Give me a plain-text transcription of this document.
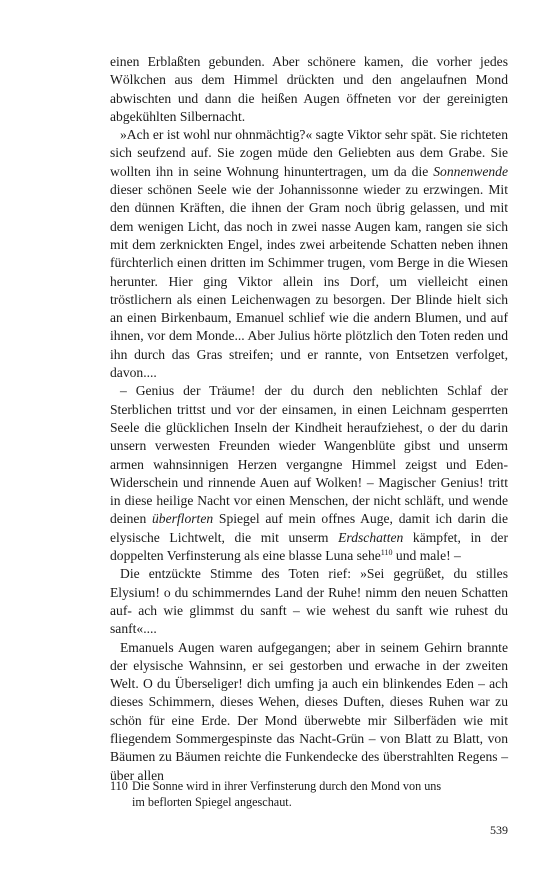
einen Erblaßten gebunden. Aber schönere kamen, die vorher jedes Wölkchen aus dem Himmel drückten und den angelaufnen Mond abwischten und dann die heißen Augen öffneten vor der gereinigten abgekühlten Silbernacht.

»Ach er ist wohl nur ohnmächtig?« sagte Viktor sehr spät. Sie richteten sich seufzend auf. Sie zogen müde den Geliebten aus dem Grabe. Sie wollten ihn in seine Wohnung hinuntertragen, um da die Sonnenwende dieser schönen Seele wie der Johannissonne wieder zu erzwingen. Mit den dünnen Kräften, die ihnen der Gram noch übrig gelassen, und mit dem wenigen Licht, das noch in zwei nasse Augen kam, rangen sie sich mit dem zerknickten Engel, indes zwei arbeitende Schatten neben ihnen fürchterlich einen dritten im Schimmer trugen, vom Berge in die Wiesen herunter. Hier ging Viktor allein ins Dorf, um vielleicht einen tröstlichern als einen Leichenwagen zu besorgen. Der Blinde hielt sich an einen Birkenbaum, Emanuel schlief wie die andern Blumen, und auf ihnen, vor dem Monde... Aber Julius hörte plötzlich den Toten reden und ihn durch das Gras streifen; und er rannte, von Entsetzen verfolget, davon....

– Genius der Träume! der du durch den neblichten Schlaf der Sterblichen trittst und vor der einsamen, in einen Leichnam gesperrten Seele die glücklichen Inseln der Kindheit heraufziehest, o der du darin unsern verwesten Freunden wieder Wangenblüte gibst und unserm armen wahnsinnigen Herzen vergangne Himmel zeigst und Eden-Widerschein und rinnende Auen auf Wolken! – Magischer Genius! tritt in diese heilige Nacht vor einen Menschen, der nicht schläft, und wende deinen überflorten Spiegel auf mein offnes Auge, damit ich darin die elysische Lichtwelt, die mit unserm Erdschatten kämpfet, in der doppelten Verfinsterung als eine blasse Luna sehe$^{110}$ und male! –

Die entzückte Stimme des Toten rief: »Sei gegrüßet, du stilles Elysium! o du schimmerndes Land der Ruhe! nimm den neuen Schatten auf- ach wie glimmst du sanft – wie wehest du sanft wie ruhest du sanft«....

Emanuels Augen waren aufgegangen; aber in seinem Gehirn brannte der elysische Wahnsinn, er sei gestorben und erwache in der zweiten Welt. O du Überseliger! dich umfing ja auch ein blinkendes Eden – ach dieses Schimmern, dieses Wehen, dieses Duften, dieses Ruhen war zu schön für eine Erde. Der Mond überwebte mir Silberfäden wie mit fliegendem Sommergespinste das Nacht-Grün – von Blatt zu Blatt, von Bäumen zu Bäumen reichte die Funkendecke des überstrahlten Regens – über allen

110 Die Sonne wird in ihrer Verfinsterung durch den Mond von uns
im beflorten Spiegel angeschaut.
539
